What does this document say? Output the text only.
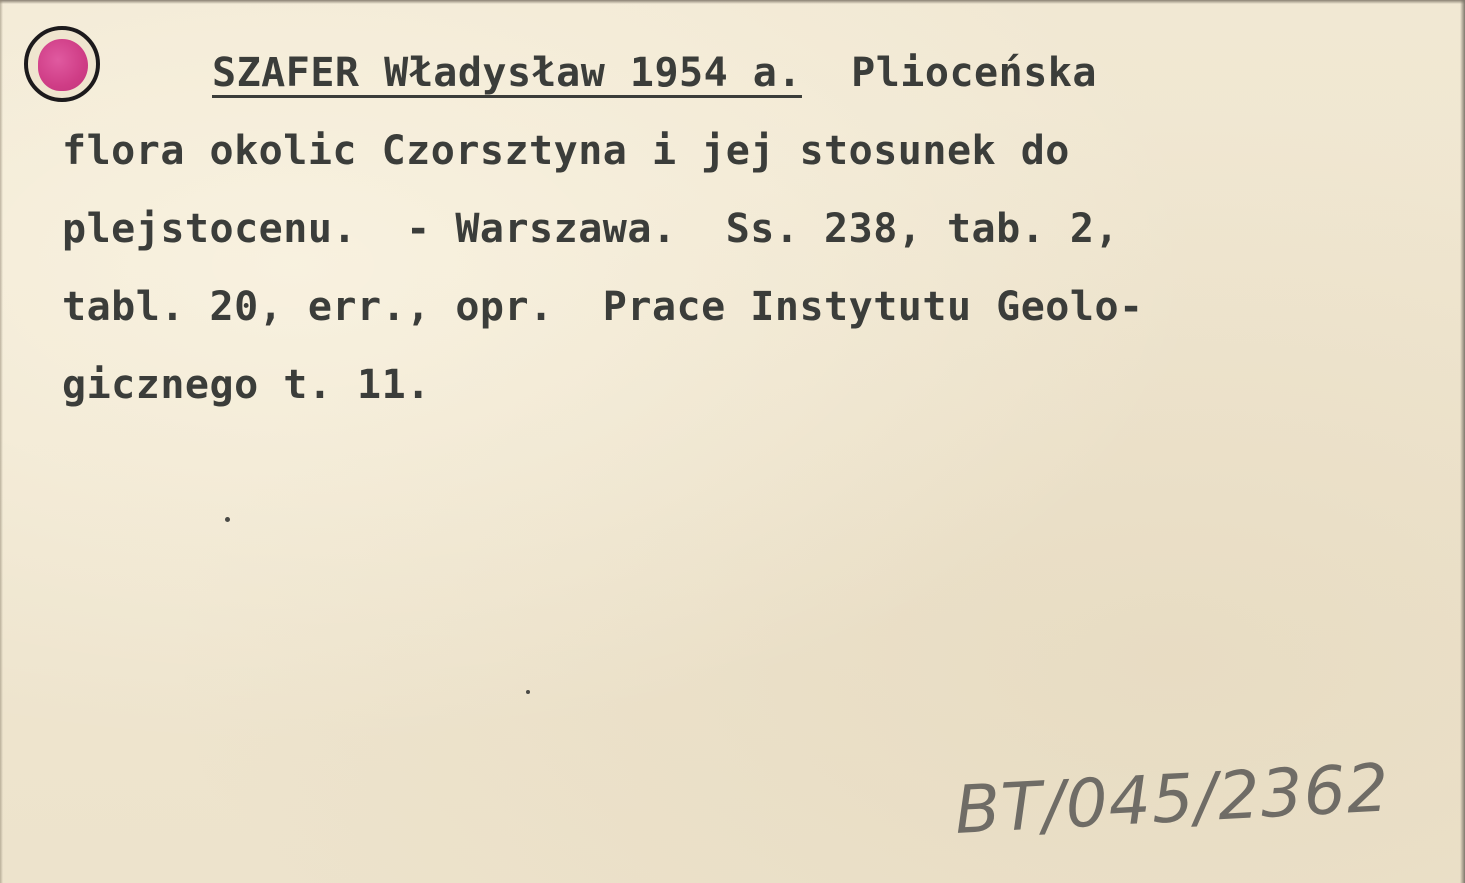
SZAFER Władysław 1954 a.  Plioceńska
flora okolic Czorsztyna i jej stosunek do
plejstocenu.  - Warszawa.  Ss. 238, tab. 2,
tabl. 20, err., opr.  Prace Instytutu Geolo-
gicznego t. 11.
BT/045/2362
